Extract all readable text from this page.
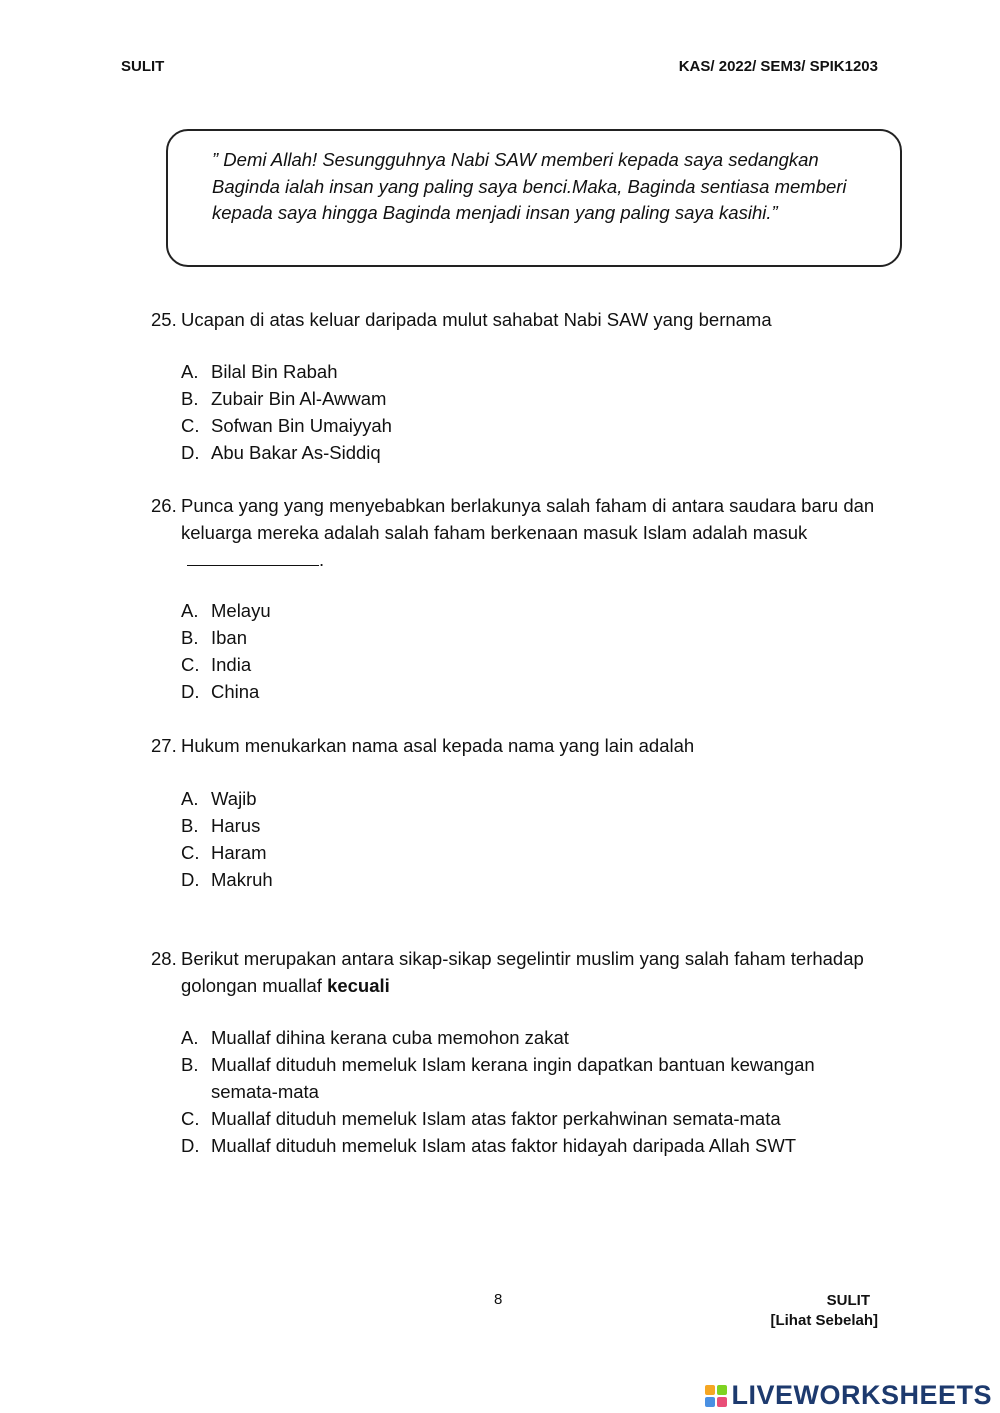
SULIT	KAS/ 2022/ SEM3/ SPIK1203

” Demi Allah! Sesungguhnya Nabi SAW memberi kepada saya sedangkan Baginda ialah insan yang paling saya benci.Maka, Baginda sentiasa memberi kepada saya hingga Baginda menjadi insan yang paling saya kasihi.”

25. Ucapan di atas keluar daripada mulut sahabat Nabi SAW yang bernama

A. Bilal Bin Rabah
B. Zubair Bin Al-Awwam
C. Sofwan Bin Umaiyyah
D. Abu Bakar As-Siddiq
26. Punca yang yang menyebabkan berlakunya salah faham di antara saudara baru dan keluarga mereka adalah salah faham berkenaan masuk Islam adalah masuk.

A. Melayu
B. Iban
C. India
D. China
27. Hukum menukarkan nama asal kepada nama yang lain adalah

A. Wajib
B. Harus
C. Haram
D. Makruh
28. Berikut merupakan antara sikap-sikap segelintir muslim yang salah faham terhadap golongan muallaf kecuali

A. Muallaf dihina kerana cuba memohon zakat
B. Muallaf dituduh memeluk Islam kerana ingin dapatkan bantuan kewangan semata-mata
C. Muallaf dituduh memeluk Islam atas faktor perkahwinan semata-mata
D. Muallaf dituduh memeluk Islam atas faktor hidayah daripada Allah SWT
8	SULIT
[Lihat Sebelah]
LIVEWORKSHEETS
